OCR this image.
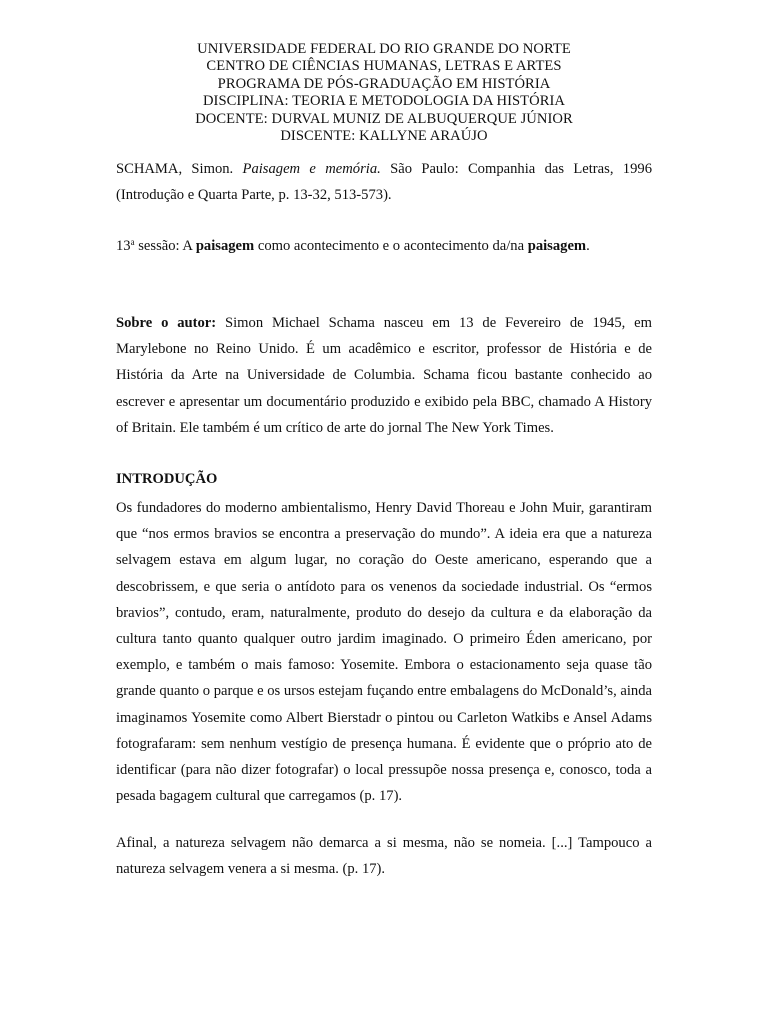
UNIVERSIDADE FEDERAL DO RIO GRANDE DO NORTE
CENTRO DE CIÊNCIAS HUMANAS, LETRAS E ARTES
PROGRAMA DE PÓS-GRADUAÇÃO EM HISTÓRIA
DISCIPLINA: TEORIA E METODOLOGIA DA HISTÓRIA
DOCENTE: DURVAL MUNIZ DE ALBUQUERQUE JÚNIOR
DISCENTE: KALLYNE ARAÚJO

SCHAMA, Simon. Paisagem e memória. São Paulo: Companhia das Letras, 1996 (Introdução e Quarta Parte, p. 13-32, 513-573).

13$^a$ sessão: A paisagem como acontecimento e o acontecimento da/na paisagem.

Sobre o autor: Simon Michael Schama nasceu em 13 de Fevereiro de 1945, em Marylebone no Reino Unido. É um acadêmico e escritor, professor de História e de História da Arte na Universidade de Columbia. Schama ficou bastante conhecido ao escrever e apresentar um documentário produzido e exibido pela BBC, chamado A History of Britain. Ele também é um crítico de arte do jornal The New York Times.

INTRODUÇÃO

Os fundadores do moderno ambientalismo, Henry David Thoreau e John Muir, garantiram que “nos ermos bravios se encontra a preservação do mundo”. A ideia era que a natureza selvagem estava em algum lugar, no coração do Oeste americano, esperando que a descobrissem, e que seria o antídoto para os venenos da sociedade industrial. Os “ermos bravios”, contudo, eram, naturalmente, produto do desejo da cultura e da elaboração da cultura tanto quanto qualquer outro jardim imaginado. O primeiro Éden americano, por exemplo, e também o mais famoso: Yosemite. Embora o estacionamento seja quase tão grande quanto o parque e os ursos estejam fuçando entre embalagens do McDonald’s, ainda imaginamos Yosemite como Albert Bierstadr o pintou ou Carleton Watkibs e Ansel Adams fotografaram: sem nenhum vestígio de presença humana. É evidente que o próprio ato de identificar (para não dizer fotografar) o local pressupõe nossa presença e, conosco, toda a pesada bagagem cultural que carregamos (p. 17).

Afinal, a natureza selvagem não demarca a si mesma, não se nomeia. [...] Tampouco a natureza selvagem venera a si mesma. (p. 17).
